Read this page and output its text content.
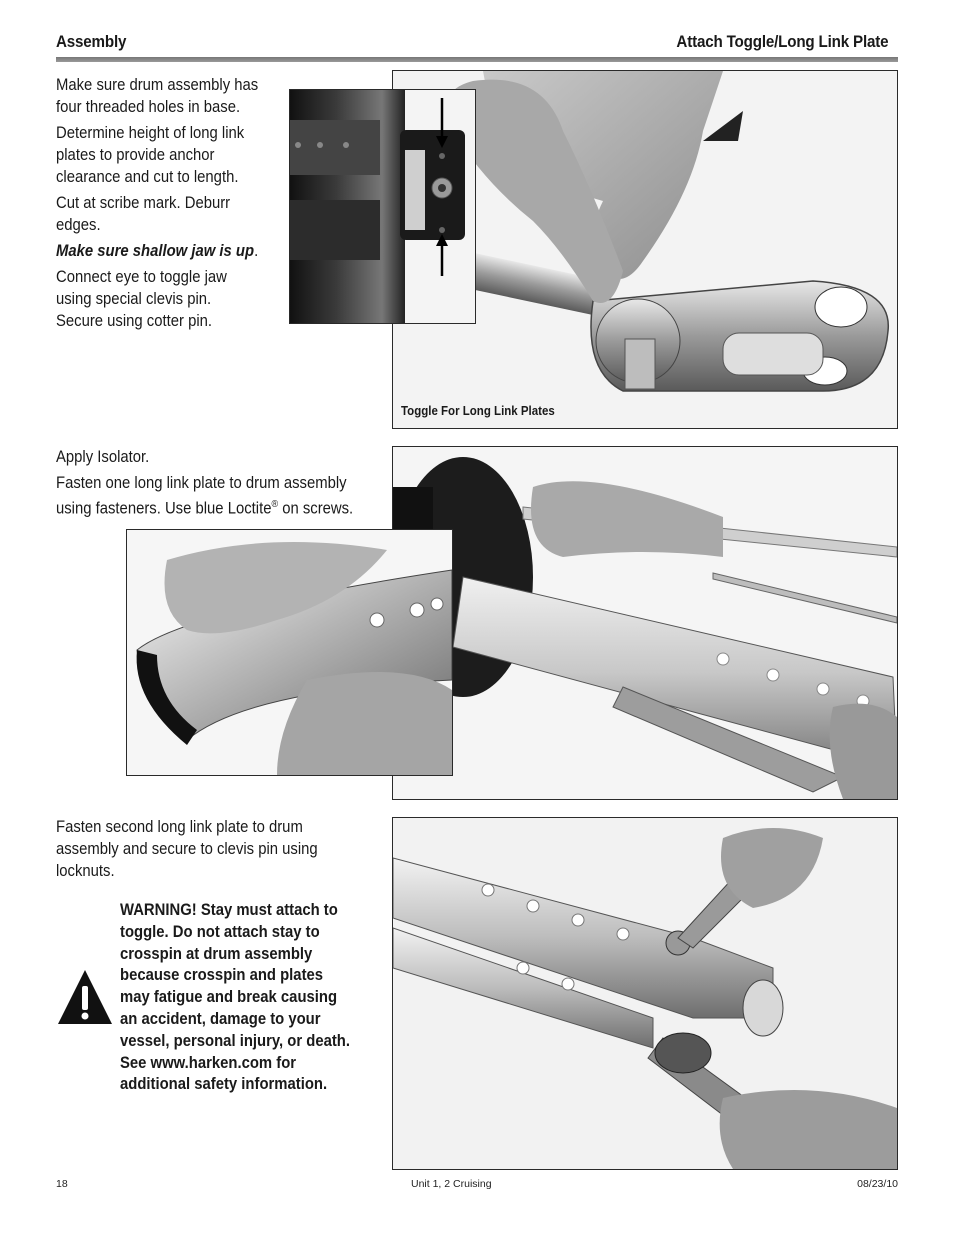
Assembly	Attach Toggle/Long Link Plate

Make sure drum assembly has four threaded holes in base.

Determine height of long link plates to provide anchor clearance and cut to length.

Cut at scribe mark. Deburr edges.

Make sure shallow jaw is up.

Connect eye to toggle jaw using special clevis pin. Secure using cotter pin.

Toggle For Long Link Plates

Apply Isolator.

Fasten one long link plate to drum assembly using fasteners. Use blue Loctite® on screws.

Fasten second long link plate to drum assembly and secure to clevis pin using locknuts.

WARNING! Stay must attach to toggle. Do not attach stay to crosspin at drum assembly because crosspin and plates may fatigue and break causing an accident, damage to your vessel, personal injury, or death. See www.harken.com for additional safety information.
18	Unit 1, 2 Cruising	08/23/10
